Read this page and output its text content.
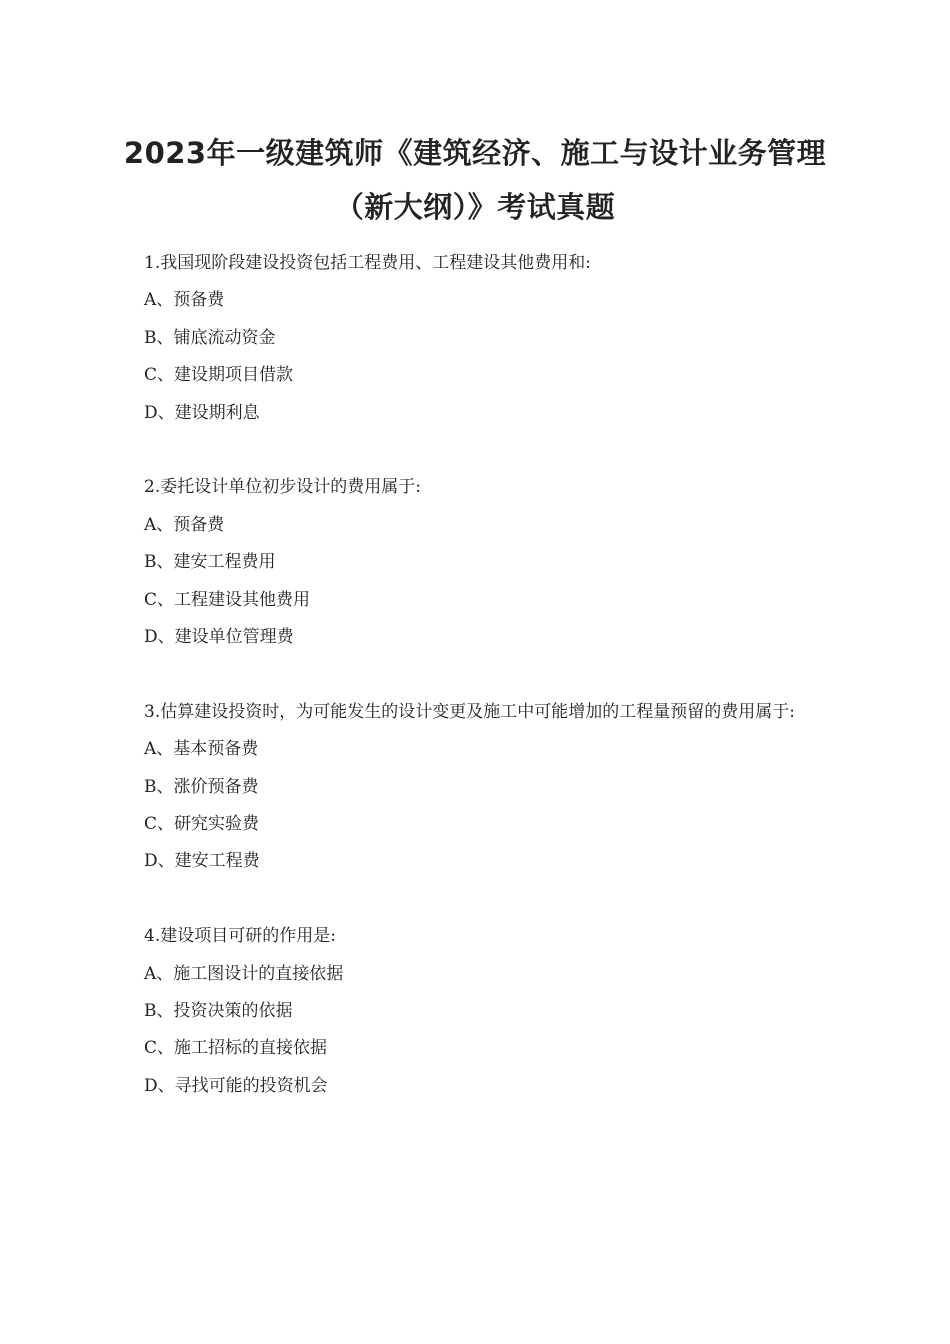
2023年一级建筑师《建筑经济、施工与设计业务管理（新大纲）》考试真题
1.我国现阶段建设投资包括工程费用、工程建设其他费用和:
A、预备费
B、铺底流动资金
C、建设期项目借款
D、建设期利息
2.委托设计单位初步设计的费用属于:
A、预备费
B、建安工程费用
C、工程建设其他费用
D、建设单位管理费
3.估算建设投资时，为可能发生的设计变更及施工中可能增加的工程量预留的费用属于:
A、基本预备费
B、涨价预备费
C、研究实验费
D、建安工程费
4.建设项目可研的作用是:
A、施工图设计的直接依据
B、投资决策的依据
C、施工招标的直接依据
D、寻找可能的投资机会
